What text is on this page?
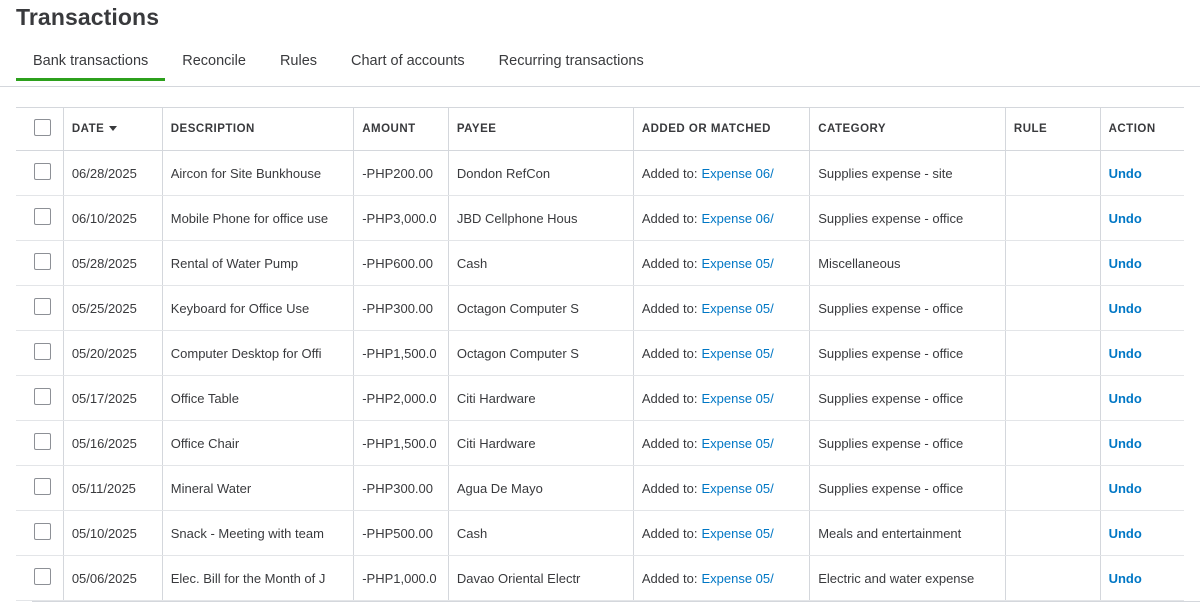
Transactions
Bank transactions	Reconcile	Rules	Chart of accounts	Recurring transactions
	DATE	DESCRIPTION	AMOUNT	PAYEE	ADDED OR MATCHED	CATEGORY	RULE	ACTION

	06/28/2025	Aircon for Site Bunkhouse	-PHP200.00	Dondon RefCon	Added to: Expense 06/	Supplies expense - site		Undo

	06/10/2025	Mobile Phone for office use	-PHP3,000.0	JBD Cellphone Hous	Added to: Expense 06/	Supplies expense - office		Undo

	05/28/2025	Rental of Water Pump	-PHP600.00	Cash	Added to: Expense 05/	Miscellaneous		Undo

	05/25/2025	Keyboard for Office Use	-PHP300.00	Octagon Computer S	Added to: Expense 05/	Supplies expense - office		Undo

	05/20/2025	Computer Desktop for Offi	-PHP1,500.0	Octagon Computer S	Added to: Expense 05/	Supplies expense - office		Undo

	05/17/2025	Office Table	-PHP2,000.0	Citi Hardware	Added to: Expense 05/	Supplies expense - office		Undo

	05/16/2025	Office Chair	-PHP1,500.0	Citi Hardware	Added to: Expense 05/	Supplies expense - office		Undo

	05/11/2025	Mineral Water	-PHP300.00	Agua De Mayo	Added to: Expense 05/	Supplies expense - office		Undo

	05/10/2025	Snack - Meeting with team	-PHP500.00	Cash	Added to: Expense 05/	Meals and entertainment		Undo

	05/06/2025	Elec. Bill for the Month of J	-PHP1,000.0	Davao Oriental Electr	Added to: Expense 05/	Electric and water expense		Undo
